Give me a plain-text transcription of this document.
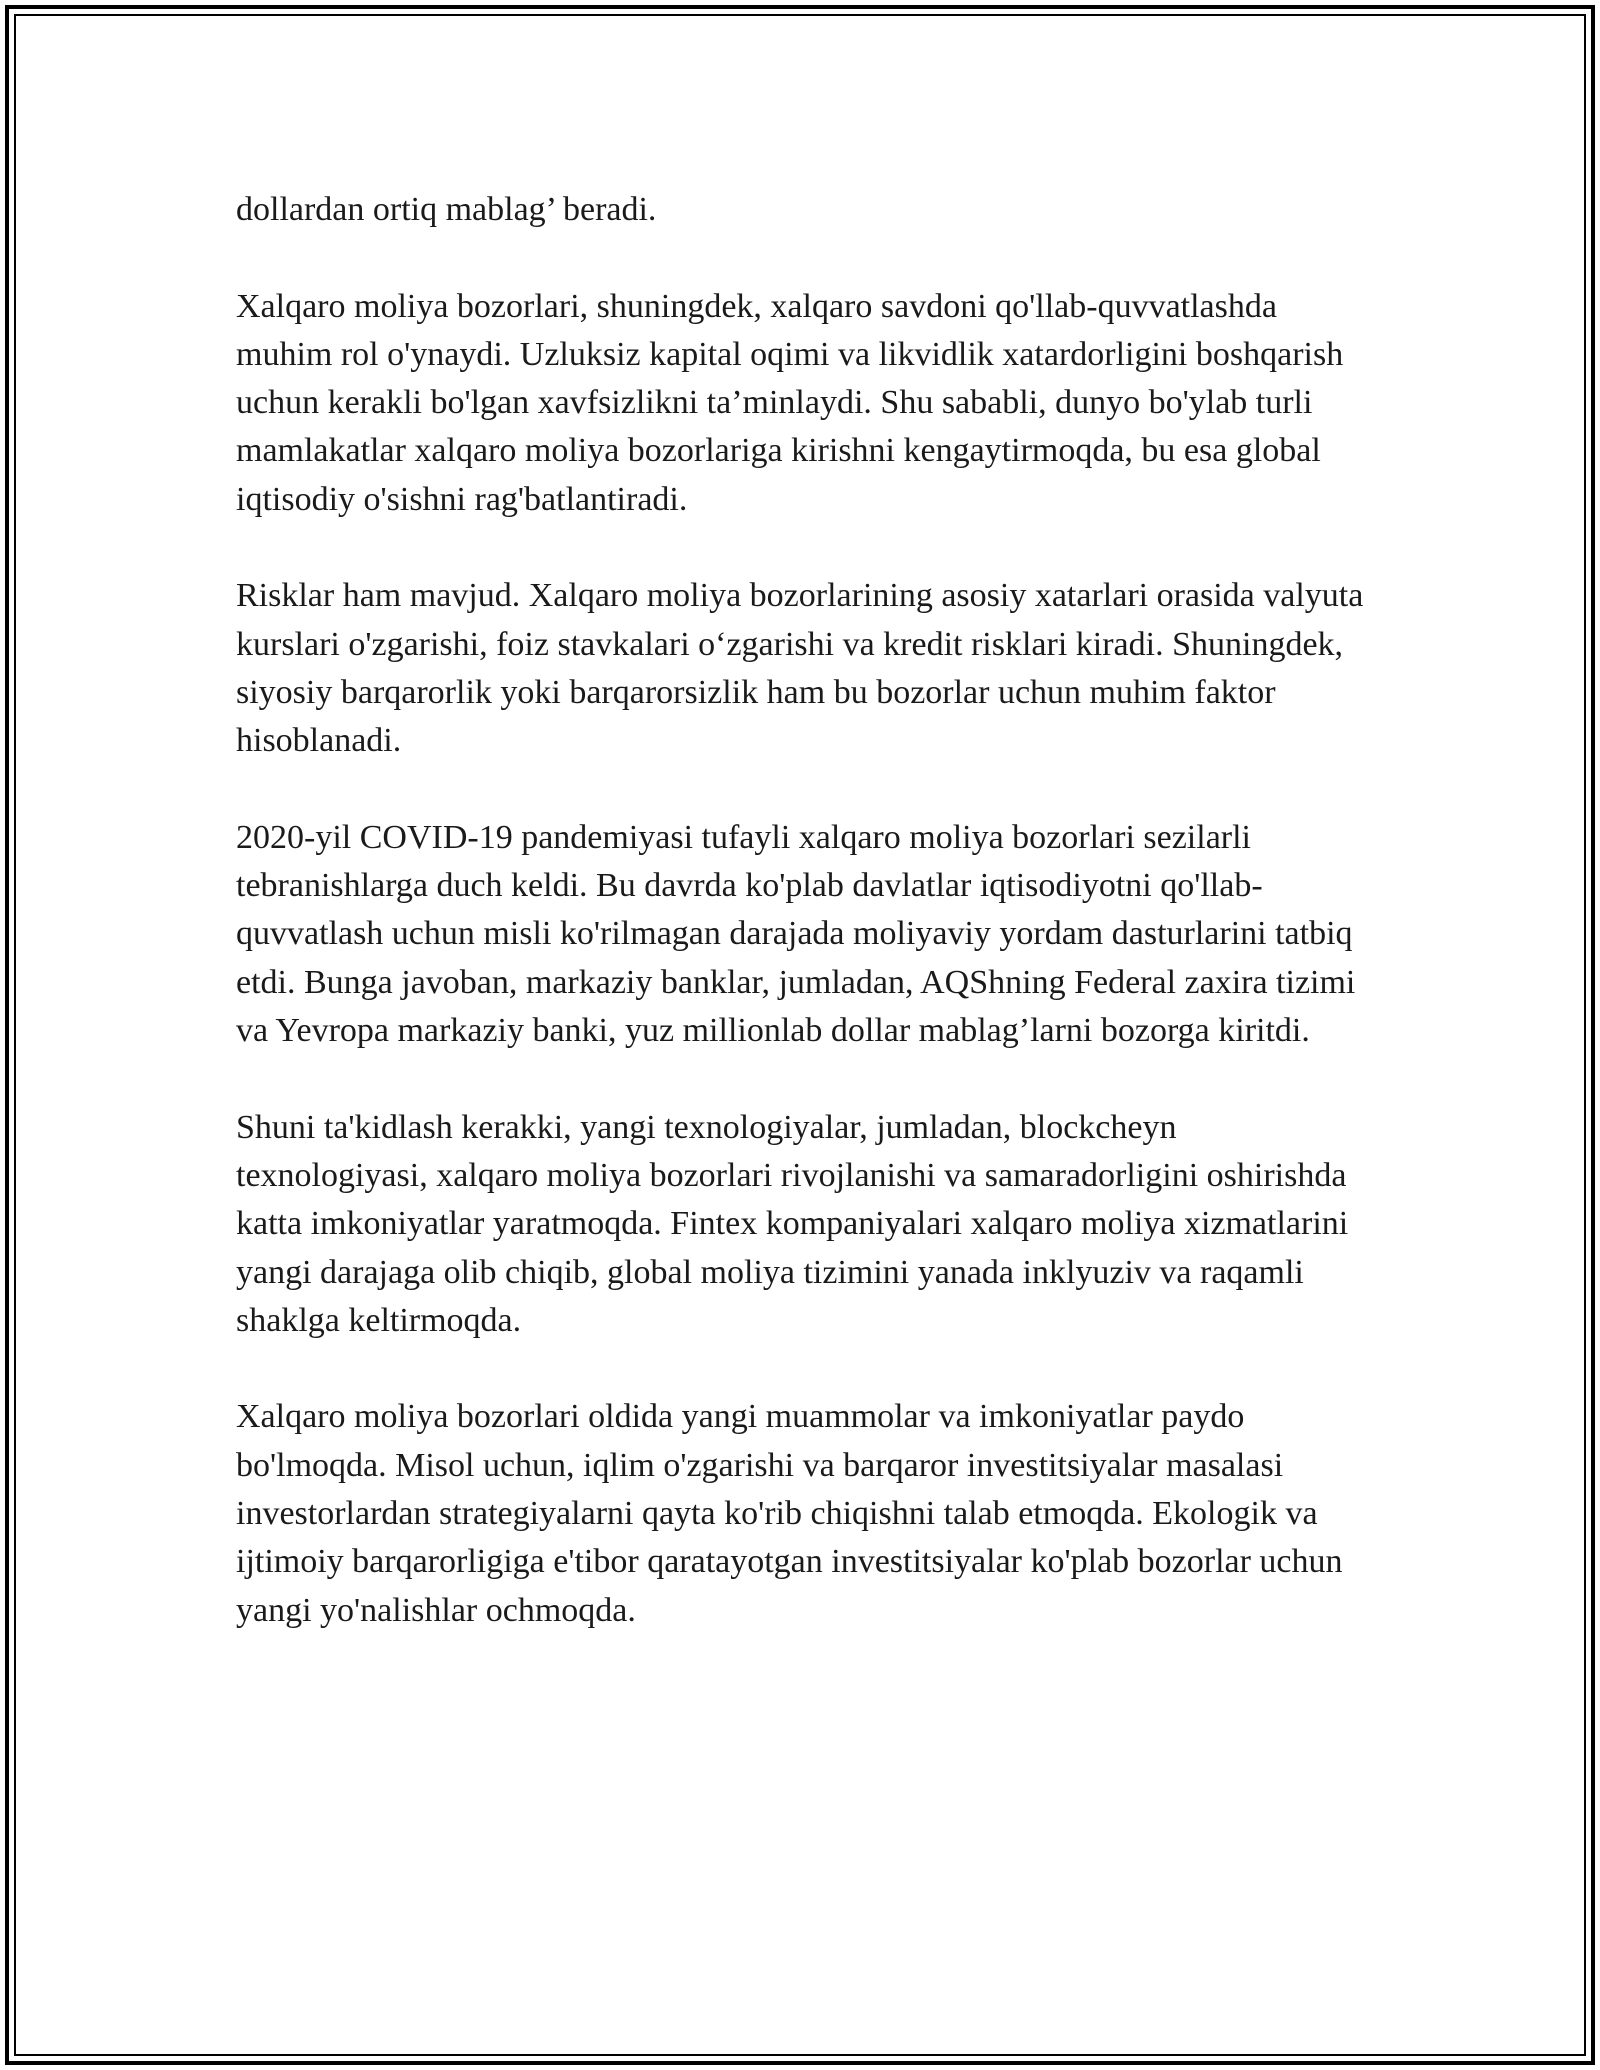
dollardan ortiq mablag’ beradi.

Xalqaro moliya bozorlari, shuningdek, xalqaro savdoni qo'llab-quvvatlashda muhim rol o'ynaydi. Uzluksiz kapital oqimi va likvidlik xatardorligini boshqarish uchun kerakli bo'lgan xavfsizlikni ta’minlaydi. Shu sababli, dunyo bo'ylab turli mamlakatlar xalqaro moliya bozorlariga kirishni kengaytirmoqda, bu esa global iqtisodiy o'sishni rag'batlantiradi.

Risklar ham mavjud. Xalqaro moliya bozorlarining asosiy xatarlari orasida valyuta kurslari o'zgarishi, foiz stavkalari o‘zgarishi va kredit risklari kiradi. Shuningdek, siyosiy barqarorlik yoki barqarorsizlik ham bu bozorlar uchun muhim faktor hisoblanadi.

2020-yil COVID-19 pandemiyasi tufayli xalqaro moliya bozorlari sezilarli tebranishlarga duch keldi. Bu davrda ko'plab davlatlar iqtisodiyotni qo'llab-quvvatlash uchun misli ko'rilmagan darajada moliyaviy yordam dasturlarini tatbiq etdi. Bunga javoban, markaziy banklar, jumladan, AQShning Federal zaxira tizimi va Yevropa markaziy banki, yuz millionlab dollar mablag’larni bozorga kiritdi.

Shuni ta'kidlash kerakki, yangi texnologiyalar, jumladan, blockcheyn texnologiyasi, xalqaro moliya bozorlari rivojlanishi va samaradorligini oshirishda katta imkoniyatlar yaratmoqda. Fintex kompaniyalari xalqaro moliya xizmatlarini yangi darajaga olib chiqib, global moliya tizimini yanada inklyuziv va raqamli shaklga keltirmoqda.

Xalqaro moliya bozorlari oldida yangi muammolar va imkoniyatlar paydo bo'lmoqda. Misol uchun, iqlim o'zgarishi va barqaror investitsiyalar masalasi investorlardan strategiyalarni qayta ko'rib chiqishni talab etmoqda. Ekologik va ijtimoiy barqarorligiga e'tibor qaratayotgan investitsiyalar ko'plab bozorlar uchun yangi yo'nalishlar ochmoqda.
